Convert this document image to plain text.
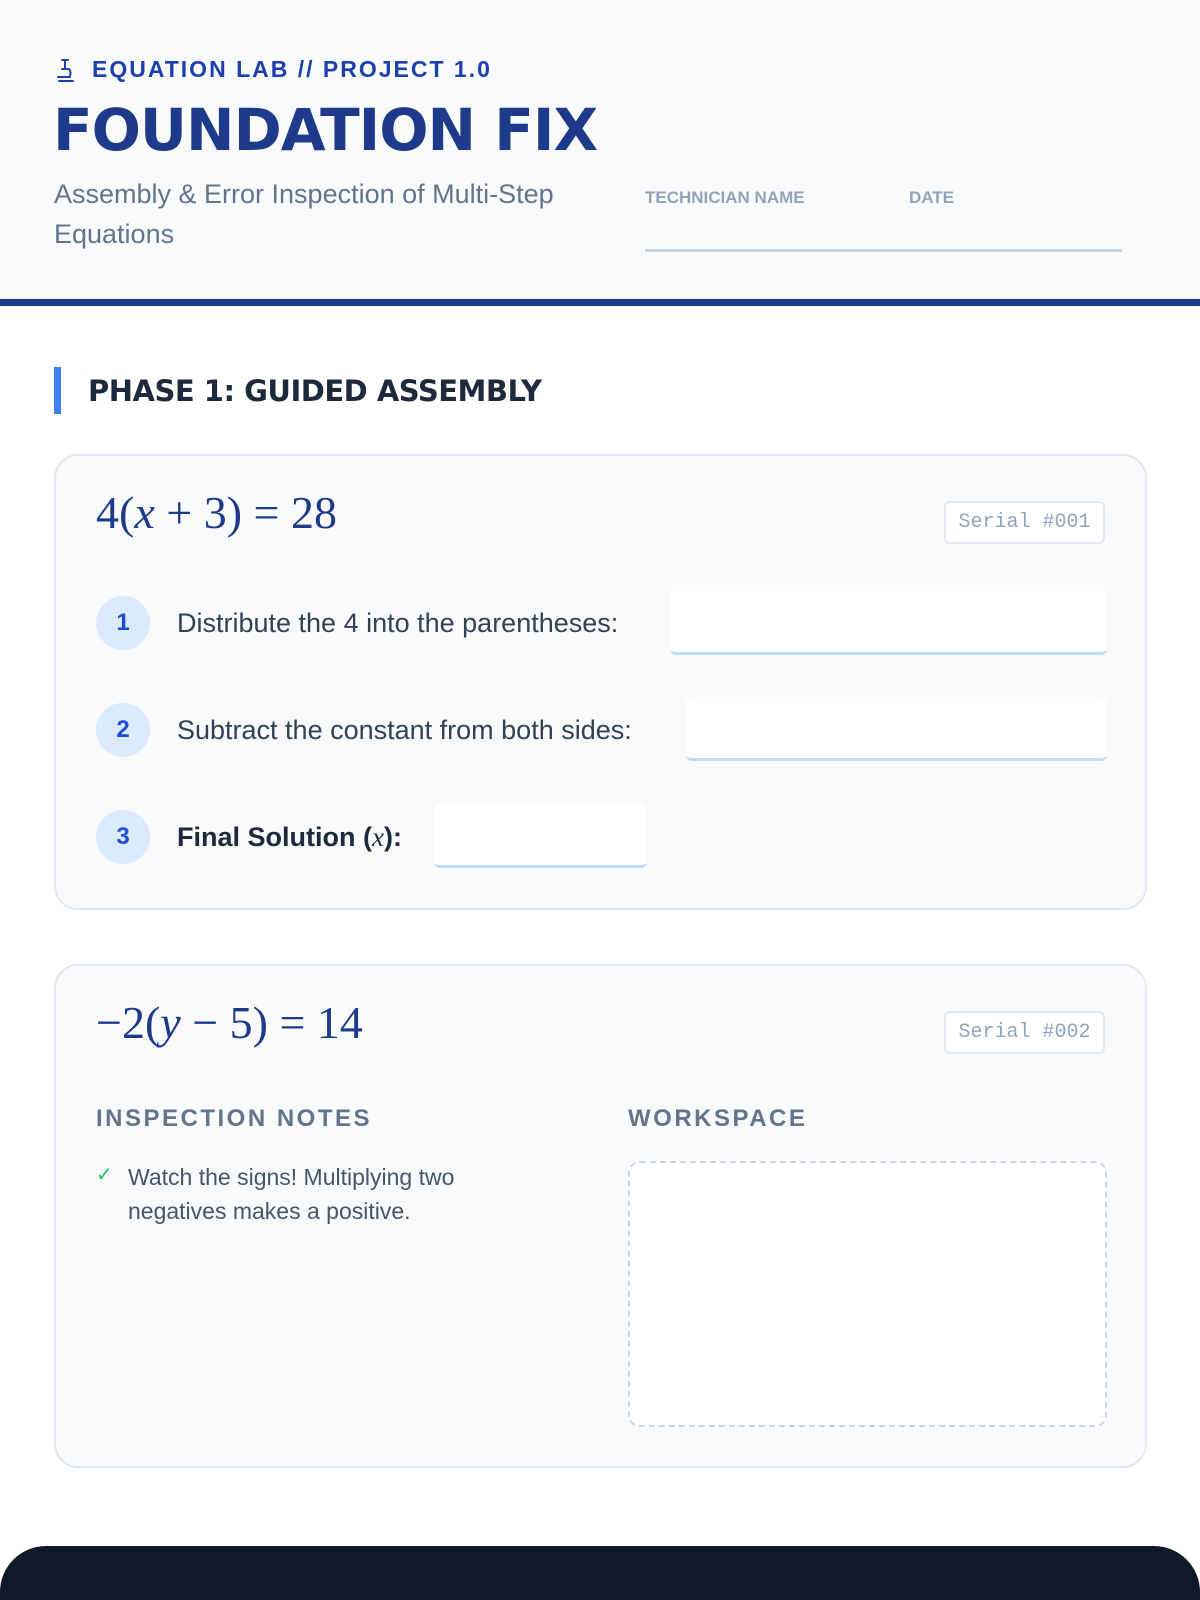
EQUATION LAB // PROJECT 1.0
FOUNDATION FIX
Assembly & Error Inspection of Multi-Step Equations
TECHNICIAN NAME	DATE
PHASE 1: GUIDED ASSEMBLY
4(x + 3) = 28	Serial #001
1	Distribute the 4 into the parentheses:
2	Subtract the constant from both sides:
3	Final Solution (x):
−2(y − 5) = 14	Serial #002
INSPECTION NOTES
✓ Watch the signs! Multiplying two negatives makes a positive.
WORKSPACE
